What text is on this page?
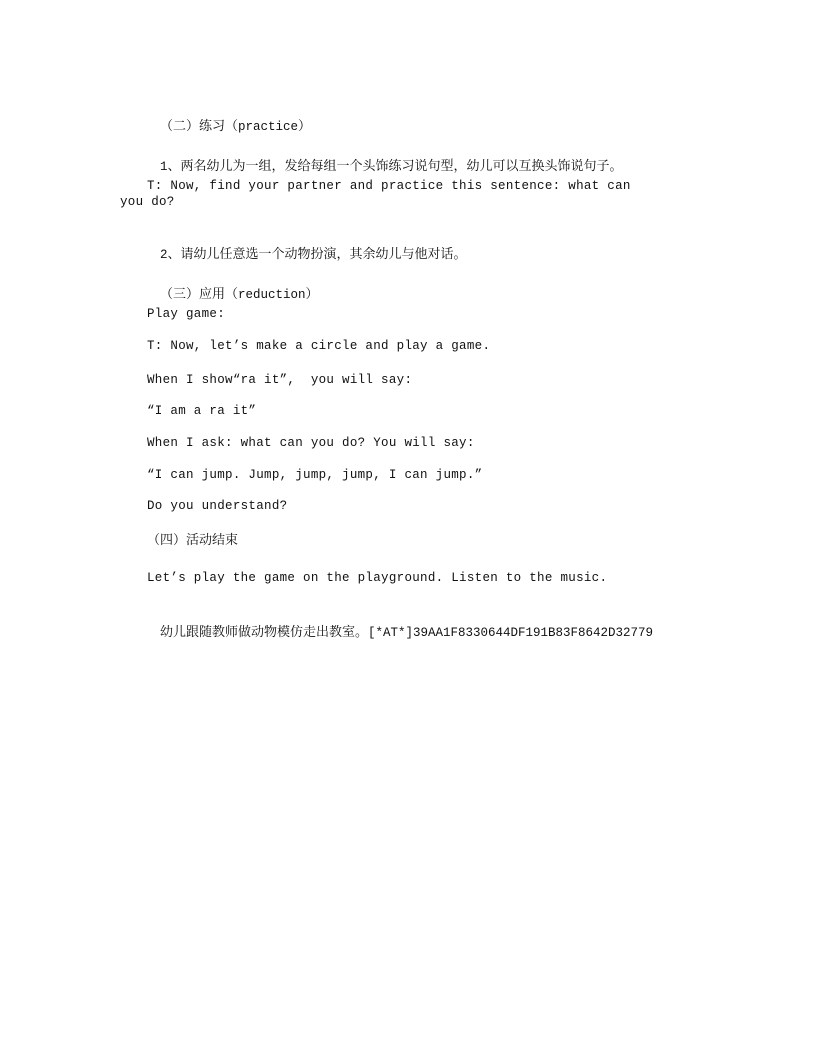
（二）练习（practice）

1、两名幼儿为一组，发给每组一个头饰练习说句型，幼儿可以互换头饰说句子。

T: Now, find your partner and practice this sentence: what can
you do?

2、请幼儿任意选一个动物扮演，其余幼儿与他对话。

（三）应用（reduction）

Play game:
T: Now, let’s make a circle and play a game.
When I show“ra it”,  you will say:
“I am a ra it”
When I ask: what can you do? You will say:
“I can jump. Jump, jump, jump, I can jump.”
Do you understand?
（四）活动结束
Let’s play the game on the playground. Listen to the music.

幼儿跟随教师做动物模仿走出教室。[*AT*]39AA1F8330644DF191B83F8642D32779
